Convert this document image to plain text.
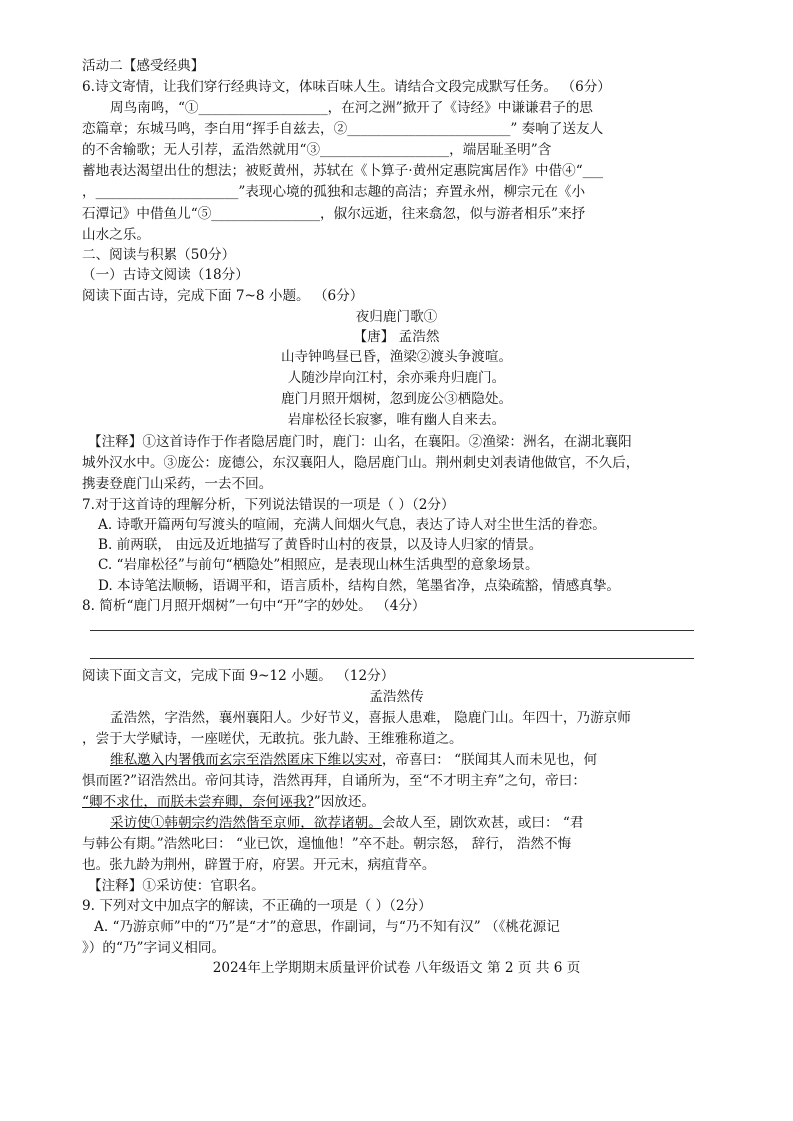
活动二【感受经典】
6.诗文寄情，让我们穿行经典诗文，体味百味人生。请结合文段完成默写任务。 （6分）
周鸟南鸣，“①___________________，在河之洲”掀开了《诗经》中谦谦君子的思
恋篇章；东城马鸣，李白用“挥手自兹去，②________________________” 奏响了送友人
的不舍输歌；无人引荐，孟浩然就用“③___________________，端居耻圣明”含
蓄地表达渴望出仕的想法；被贬黄州，苏轼在《卜算子·黄州定惠院寓居作》中借④“___
，_____________________”表现心境的孤独和志趣的高洁；弃置永州，柳宗元在《小
石潭记》中借鱼儿“⑤________________，俶尔远逝，往来翕忽，似与游者相乐”来抒
山水之乐。
二、阅读与积累（50分）
（一）古诗文阅读（18分）
阅读下面古诗，完成下面 7~8 小题。 （6分）
夜归鹿门歌①
【唐】 孟浩然
山寺钟鸣昼已昏，渔梁②渡头争渡喧。
人随沙岸向江村，余亦乘舟归鹿门。
鹿门月照开烟树，忽到庞公③栖隐处。
岩扉松径长寂寥，唯有幽人自来去。
【注释】①这首诗作于作者隐居鹿门时，鹿门：山名，在襄阳。②渔梁：洲名，在湖北襄阳
城外汉水中。③庞公：庞德公，东汉襄阳人，隐居鹿门山。荆州刺史刘表请他做官，不久后，
携妻登鹿门山采药，一去不回。
7.对于这首诗的理解分析，下列说法错误的一项是（ ）（2分）
A. 诗歌开篇两句写渡头的喧闹，充满人间烟火气息，表达了诗人对尘世生活的眷恋。
B. 前两联， 由远及近地描写了黄昏时山村的夜景，以及诗人归家的情景。
C. “岩扉松径”与前句“栖隐处”相照应，是表现山林生活典型的意象场景。
D. 本诗笔法顺畅，语调平和，语言质朴，结构自然，笔墨省净，点染疏豁，情感真挚。
8. 简析“鹿门月照开烟树”一句中“开”字的妙处。 （4分）
阅读下面文言文，完成下面 9~12 小题。 （12分）
孟浩然传
孟浩然，字浩然，襄州襄阳人。少好节义，喜振人患难， 隐鹿门山。年四十，乃游京师
，尝于大学赋诗，一座嗟伏，无敢抗。张九龄、王维雅称道之。
维私邀入内署俄而玄宗至浩然匿床下维以实对，帝喜曰： “朕闻其人而未见也，何
惧而匿?”诏浩然出。帝问其诗，浩然再拜，自诵所为，至“不才明主弃”之句，帝曰：
“卿不求仕，而朕未尝弃卿，奈何诬我?”因放还。
采访使①韩朝宗约浩然偕至京师，欲荐诸朝。会故人至，剧饮欢甚，或曰： “君
与韩公有期。”浩然叱曰： “业已饮，遑恤他！”卒不赴。朝宗怒， 辞行， 浩然不悔
也。张九龄为荆州，辟置于府，府罢。开元末，病疽背卒。
【注释】①采访使：官职名。
9. 下列对文中加点字的解读，不正确的一项是（ ）（2分）
A. “乃游京师”中的“乃”是“才”的意思，作副词，与“乃不知有汉” （《桃花源记
》）的“乃”字词义相同。
2024年上学期期末质量评价试卷 八年级语文 第 2 页 共 6 页
